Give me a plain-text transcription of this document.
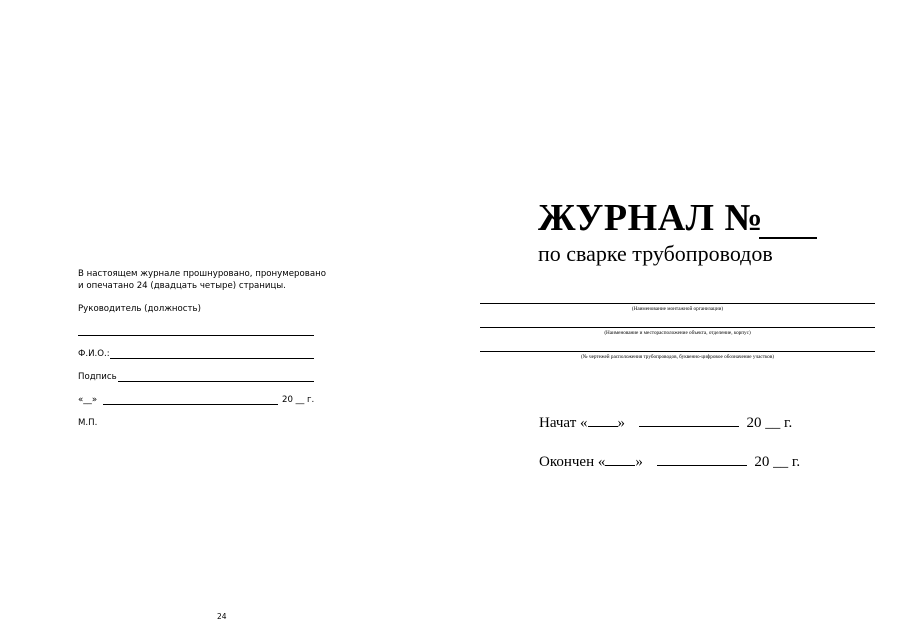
В настоящем журнале прошнуровано, пронумеровано
и опечатано 24 (двадцать четыре) страницы.
Руководитель (должность)
Ф.И.О.:
Подпись
«__»	20 __ г.
М.П.
24
ЖУРНАЛ №
по сварке трубопроводов
(Наименование монтажной организации)
(Наименование и месторасположение объекта, отделение, корпус)
(№ чертежей расположения трубопроводов, буквенно-цифровое обозначение участков)
Начат « »	20 __ г.
Окончен « »	20 __ г.
